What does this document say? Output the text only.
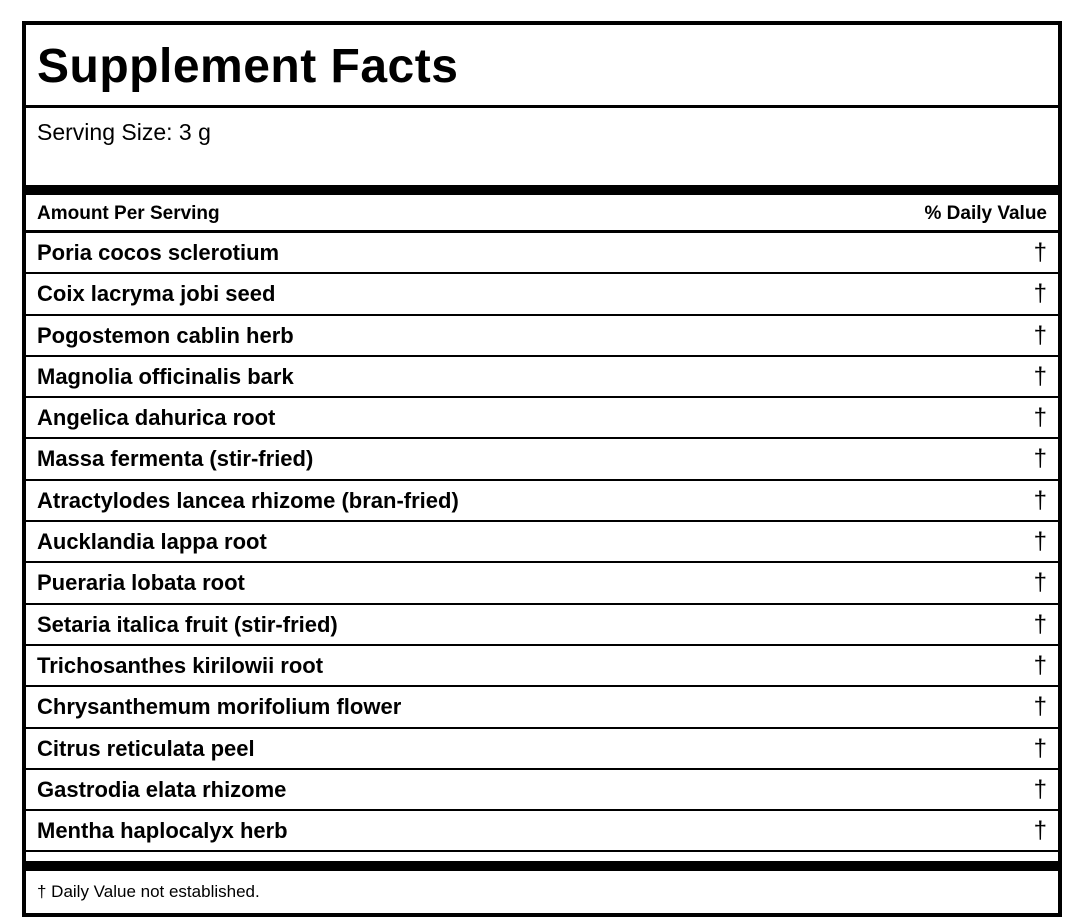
Supplement Facts
Serving Size: 3 g
Amount Per Serving	% Daily Value
Poria cocos sclerotium	†
Coix lacryma jobi seed	†
Pogostemon cablin herb	†
Magnolia officinalis bark	†
Angelica dahurica root	†
Massa fermenta (stir-fried)	†
Atractylodes lancea rhizome (bran-fried)	†
Aucklandia lappa root	†
Pueraria lobata root	†
Setaria italica fruit (stir-fried)	†
Trichosanthes kirilowii root	†
Chrysanthemum morifolium flower	†
Citrus reticulata peel	†
Gastrodia elata rhizome	†
Mentha haplocalyx herb	†
† Daily Value not established.
